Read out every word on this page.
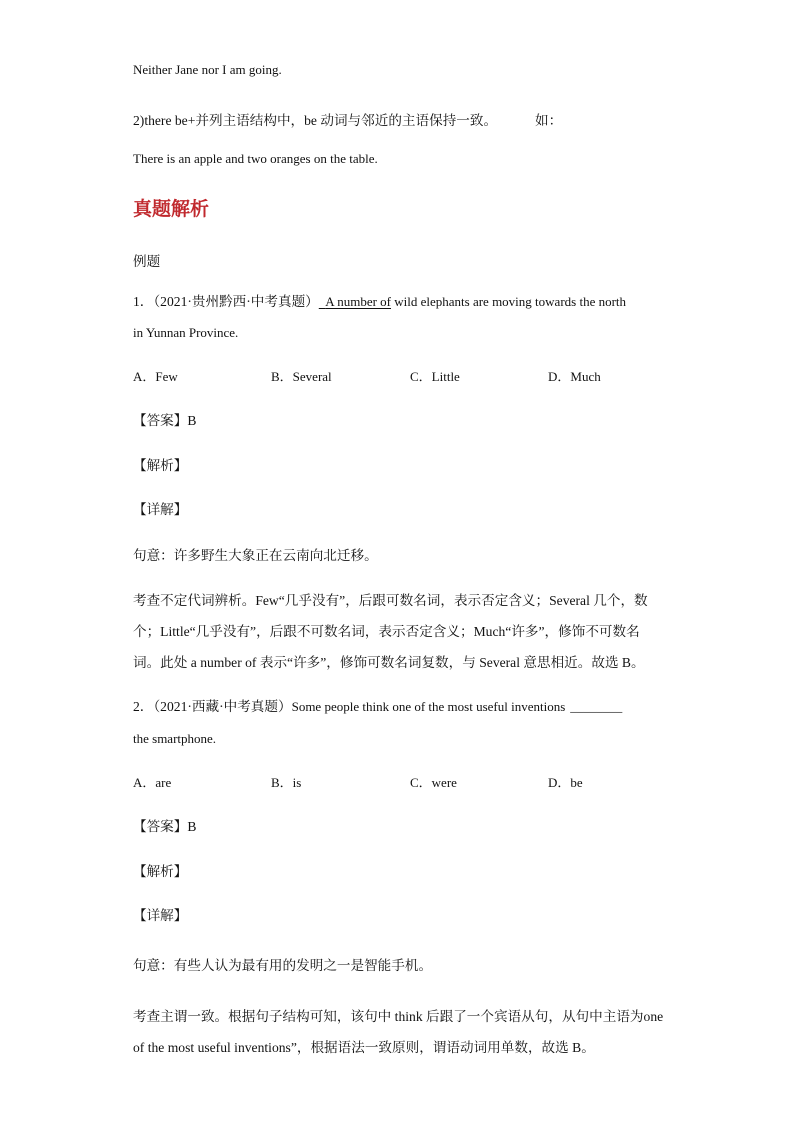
Neither Jane nor I am going.
2)there be+并列主语结构中，be 动词与邻近的主语保持一致。	如：
There is an apple and two oranges on the table.
真题解析
例题
1．（2021·贵州黔西·中考真题） A number of wild elephants are moving towards the north
in Yunnan Province.
A．Few	B．Several	C．Little	D．Much
【答案】B
【解析】
【详解】
句意：许多野生大象正在云南向北迁移。
考查不定代词辨析。Few“几乎没有”，后跟可数名词，表示否定含义；Several 几个，数
个；Little“几乎没有”，后跟不可数名词，表示否定含义；Much“许多”，修饰不可数名
词。此处 a number of 表示“许多”，修饰可数名词复数，与 Several 意思相近。故选 B。
2．（2021·西藏·中考真题）Some people think one of the most useful inventions ________
the smartphone.
A．are	B．is	C．were	D．be
【答案】B
【解析】
【详解】
句意：有些人认为最有用的发明之一是智能手机。
考查主谓一致。根据句子结构可知，该句中 think 后跟了一个宾语从句，从句中主语为one
of the most useful inventions”，根据语法一致原则，谓语动词用单数，故选 B。
